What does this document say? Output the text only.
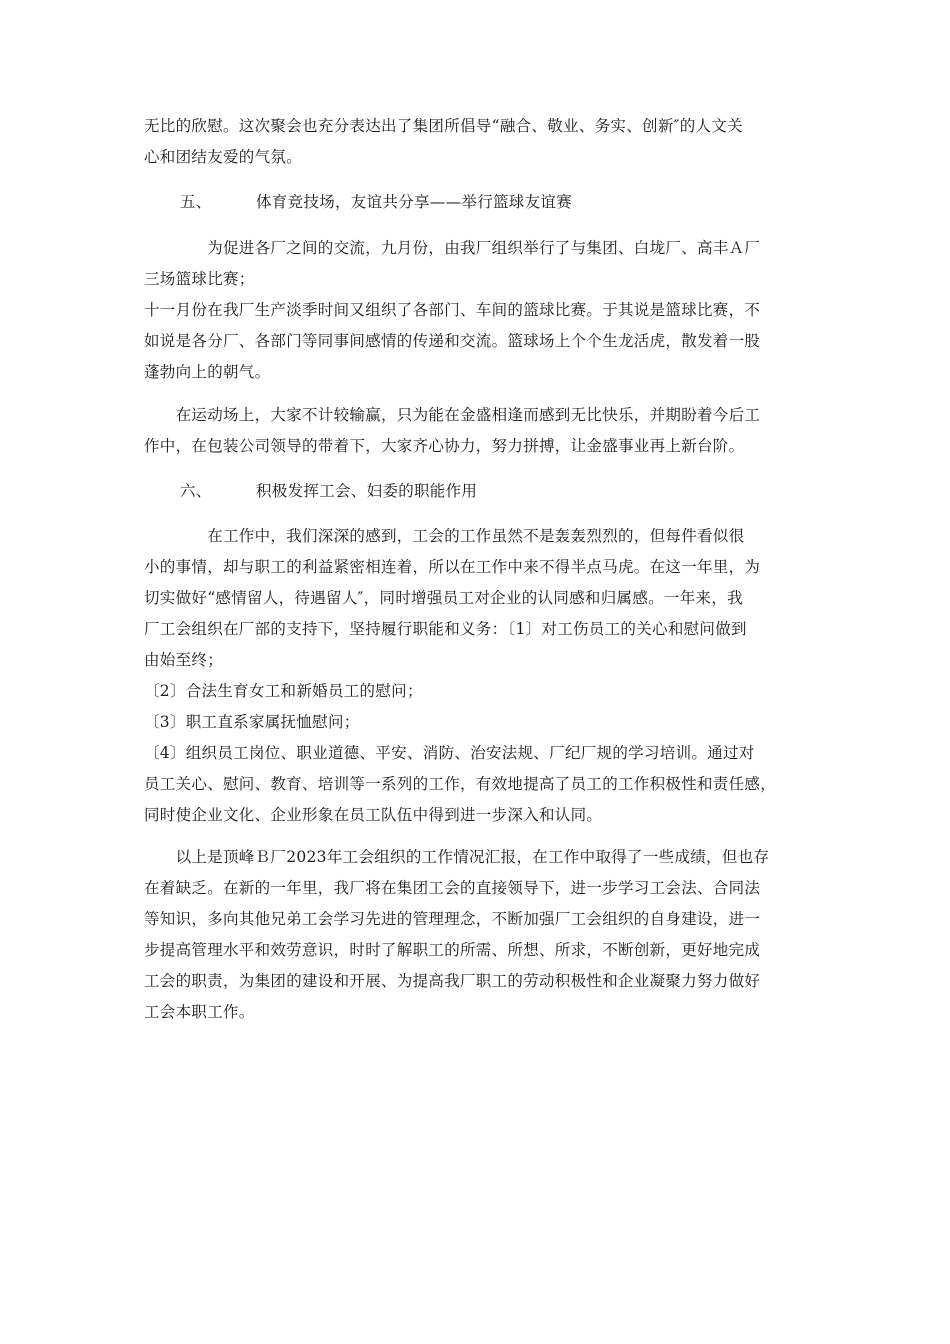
无比的欣慰。这次聚会也充分表达出了集团所倡导“融合、敬业、务实、创新″的人文关
心和团结友爱的气氛。
五、	体育竞技场，友谊共分享——举行篮球友谊赛
　　　　为促进各厂之间的交流，九月份，由我厂组织举行了与集团、白垅厂、高丰Ａ厂
三场篮球比赛；
十一月份在我厂生产淡季时间又组织了各部门、车间的篮球比赛。于其说是篮球比赛，不
如说是各分厂、各部门等同事间感情的传递和交流。篮球场上个个生龙活虎，散发着一股
蓬勃向上的朝气。
　　在运动场上，大家不计较输赢，只为能在金盛相逢而感到无比快乐，并期盼着今后工
作中，在包装公司领导的带着下，大家齐心协力，努力拼搏，让金盛事业再上新台阶。
六、	积极发挥工会、妇委的职能作用
　　　　在工作中，我们深深的感到，工会的工作虽然不是轰轰烈烈的，但每件看似很
小的事情，却与职工的利益紧密相连着，所以在工作中来不得半点马虎。在这一年里，为
切实做好“感情留人，待遇留人″，同时增强员工对企业的认同感和归属感。一年来，我
厂工会组织在厂部的支持下，坚持履行职能和义务：〔1〕对工伤员工的关心和慰问做到
由始至终；
〔2〕合法生育女工和新婚员工的慰问；
〔3〕职工直系家属抚恤慰问；
〔4〕组织员工岗位、职业道德、平安、消防、治安法规、厂纪厂规的学习培训。通过对
员工关心、慰问、教育、培训等一系列的工作，有效地提高了员工的工作积极性和责任感，
同时使企业文化、企业形象在员工队伍中得到进一步深入和认同。
　　以上是顶峰Ｂ厂2023年工会组织的工作情况汇报，在工作中取得了一些成绩，但也存
在着缺乏。在新的一年里，我厂将在集团工会的直接领导下，进一步学习工会法、合同法
等知识，多向其他兄弟工会学习先进的管理理念，不断加强厂工会组织的自身建设，进一
步提高管理水平和效劳意识，时时了解职工的所需、所想、所求，不断创新，更好地完成
工会的职责，为集团的建设和开展、为提高我厂职工的劳动积极性和企业凝聚力努力做好
工会本职工作。
